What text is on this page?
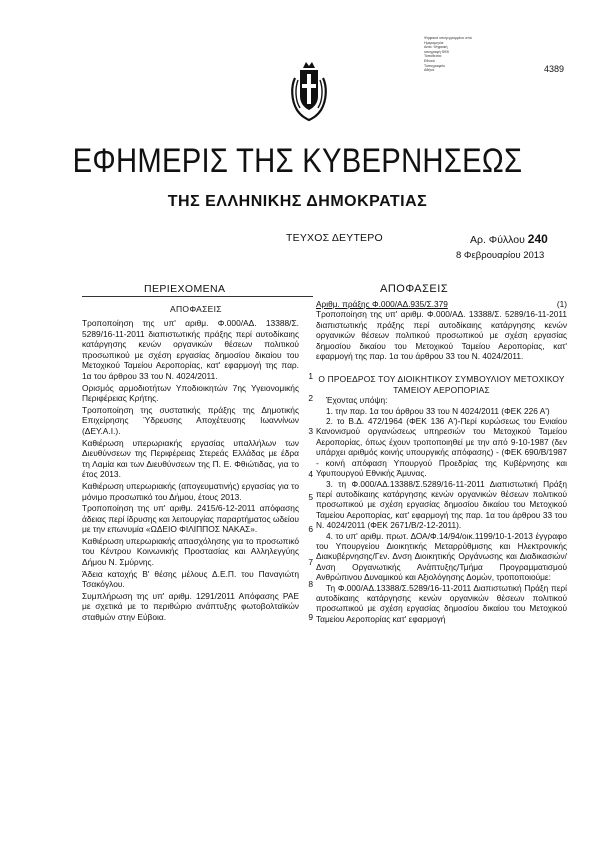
Ψηφιακά υπογεγραμμένο από
Ημερομηνία:
Αιτία: Ψηφιακή
υπογραφή ΦΕΚ
Τοποθεσία:
Εθνικό
Τυπογραφείο
Αθήνα	4389
ΕΦΗΜΕΡΙΣ ΤΗΣ ΚΥΒΕΡΝΗΣΕΩΣ
ΤΗΣ ΕΛΛΗΝΙΚΗΣ ΔΗΜΟΚΡΑΤΙΑΣ
ΤΕΥΧΟΣ ΔΕΥΤΕΡΟ	Αρ. Φύλλου 240
8 Φεβρουαρίου 2013
ΠΕΡΙΕΧΟΜΕΝΑ
ΑΠΟΦΑΣΕΙΣ
Τροποποίηση της υπ' αριθμ. Φ.000/ΑΔ. 13388/Σ. 5289/16-11-2011 διαπιστωτικής πράξης περί αυτοδίκαιης κατάργησης κενών οργανικών θέσεων πολιτικού προσωπικού με σχέση εργασίας δημοσίου δικαίου του Μετοχικού Ταμείου Αεροπορίας, κατ' εφαρμογή της παρ. 1α του άρθρου 33 του Ν. 4024/2011.	1
Ορισμός αρμοδιοτήτων Υποδιοικητών 7ης Υγειονομικής Περιφέρειας Κρήτης.	2
Τροποποίηση της συστατικής πράξης της Δημοτικής Επιχείρησης Ύδρευσης Αποχέτευσης Ιωαννίνων (ΔΕΥ.Α.Ι.).	3
Καθιέρωση υπερωριακής εργασίας υπαλλήλων των Διευθύνσεων της Περιφέρειας Στερεάς Ελλάδας με έδρα τη Λαμία και των Διευθύνσεων της Π. Ε. Φθιώτιδας, για το έτος 2013.	4
Καθιέρωση υπερωριακής (απογευματινής) εργασίας για το μόνιμο προσωπικό του Δήμου, έτους 2013.	5
Τροποποίηση της υπ' αριθμ. 2415/6-12-2011 απόφασης άδειας περί ίδρυσης και λειτουργίας παραρτήματος ωδείου με την επωνυμία «ΩΔΕΙΟ ΦΙΛΙΠΠΟΣ ΝΑΚΑΣ».	6
Καθιέρωση υπερωριακής απασχόλησης για το προσωπικό του Κέντρου Κοινωνικής Προστασίας και Αλληλεγγύης Δήμου Ν. Σμύρνης.	7
Άδεια κατοχής Β' θέσης μέλους Δ.Ε.Π. του Παναγιώτη Τσακόγλου.	8
Συμπλήρωση της υπ' αριθμ. 1291/2011 Απόφασης ΡΑΕ με σχετικά με το περιθώριο ανάπτυξης φωτοβολταϊκών σταθμών στην Εύβοια.	9
ΑΠΟΦΑΣΕΙΣ

Αριθμ. πράξης Φ.000/ΑΔ.935/Σ.379	(1)

Τροποποίηση της υπ' αριθμ. Φ.000/ΑΔ. 13388/Σ. 5289/16-11-2011 διαπιστωτικής πράξης περί αυτοδίκαιης κατάργησης κενών οργανικών θέσεων πολιτικού προσωπικού με σχέση εργασίας δημοσίου δικαίου του Μετοχικού Ταμείου Αεροπορίας, κατ' εφαρμογή της παρ. 1α του άρθρου 33 του Ν. 4024/2011.

Ο ΠΡΟΕΔΡΟΣ ΤΟΥ ΔΙΟΙΚΗΤΙΚΟΥ ΣΥΜΒΟΥΛΙΟΥ ΜΕΤΟΧΙΚΟΥ ΤΑΜΕΙΟΥ ΑΕΡΟΠΟΡΙΑΣ

Έχοντας υπόψη:

1. την παρ. 1α του άρθρου 33 του Ν 4024/2011 (ΦΕΚ 226 Α')

2. το Β.Δ. 472/1964 (ΦΕΚ 136 Α')-Περί κυρώσεως του Ενιαίου Κανονισμού οργανώσεως υπηρεσιών του Μετοχικού Ταμείου Αεροπορίας, όπως έχουν τροποποιηθεί με την από 9-10-1987 (δεν υπάρχει αριθμός κοινής υπουργικής απόφασης) - (ΦΕΚ 690/Β/1987 - κοινή απόφαση Υπουργού Προεδρίας της Κυβέρνησης και Υφυπουργού Εθνικής Άμυνας.

3. τη Φ.000/ΑΔ.13388/Σ.5289/16-11-2011 Διαπιστωτική Πράξη περί αυτοδίκαιης κατάργησης κενών οργανικών θέσεων πολιτικού προσωπικού με σχέση εργασίας δημοσίου δικαίου του Μετοχικού Ταμείου Αεροπορίας, κατ' εφαρμογή της παρ. 1α του άρθρου 33 του Ν. 4024/2011 (ΦΕΚ 2671/Β/2-12-2011).

4. το υπ' αριθμ. πρωτ. ΔΟΑ/Φ.14/94/οικ.1199/10-1-2013 έγγραφο του Υπουργείου Διοικητικής Μεταρρύθμισης και Ηλεκτρονικής Διακυβέρνησης/Γεν. Δνση Διοικητικής Οργάνωσης και Διαδικασιών/Δνση Οργανωτικής Ανάπτυξης/Τμήμα Προγραμματισμού Ανθρώπινου Δυναμικού και Αξιολόγησης Δομών, τροποποιούμε:

Τη Φ.000/ΑΔ.13388/Σ.5289/16-11-2011 Διαπιστωτική Πράξη περί αυτοδίκαιης κατάργησης κενών οργανικών θέσεων πολιτικού προσωπικού με σχέση εργασίας δημοσίου δικαίου του Μετοχικού Ταμείου Αεροπορίας κατ' εφαρμογή
